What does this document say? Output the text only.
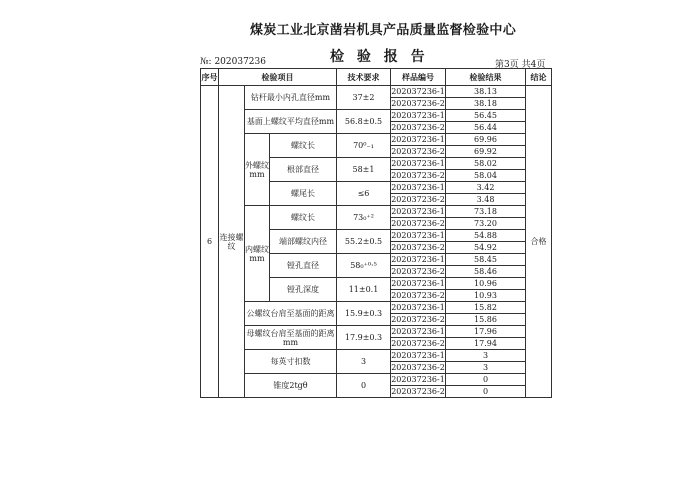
煤炭工业北京凿岩机具产品质量监督检验中心
检 验 报 告
№: 202037236	第3页 共4页
序号	检验项目			技术要求	样品编号	检验结果	结论	
6	连接螺纹	钻杆最小内孔直径mm		37±2	202037236-1	38.13	合格	

					202037236-2	38.18		
		基面上螺纹平均直径mm		56.8±0.5	202037236-1	56.45		

					202037236-2	56.44		

		外螺纹mm	螺纹长	70⁰₋₁	202037236-1	69.96		
					202037236-2	69.92		
			根部直径	58±1	202037236-1	58.02		
					202037236-2	58.04		
			螺尾长	≤6	202037236-1	3.42		
					202037236-2	3.48		
		内螺纹mm	螺纹长	73₀⁺²	202037236-1	73.18		
					202037236-2	73.20		
			端部螺纹内径	55.2±0.5	202037236-1	54.88		
					202037236-2	54.92		
			镗孔直径	58₀⁺⁰·⁵	202037236-1	58.45		
					202037236-2	58.46		
			镗孔深度	11±0.1	202037236-1	10.96		
					202037236-2	10.93		
		公螺纹台肩至基面的距离		15.9±0.3	202037236-1	15.82		

					202037236-2	15.86		

		母螺纹台肩至基面的距离mm		17.9±0.3	202037236-1	17.96		

					202037236-2	17.94		

		每英寸扣数		3	202037236-1	3		
					202037236-2	3		
		锥度2tgθ		0	202037236-1	0		
					202037236-2	0		
